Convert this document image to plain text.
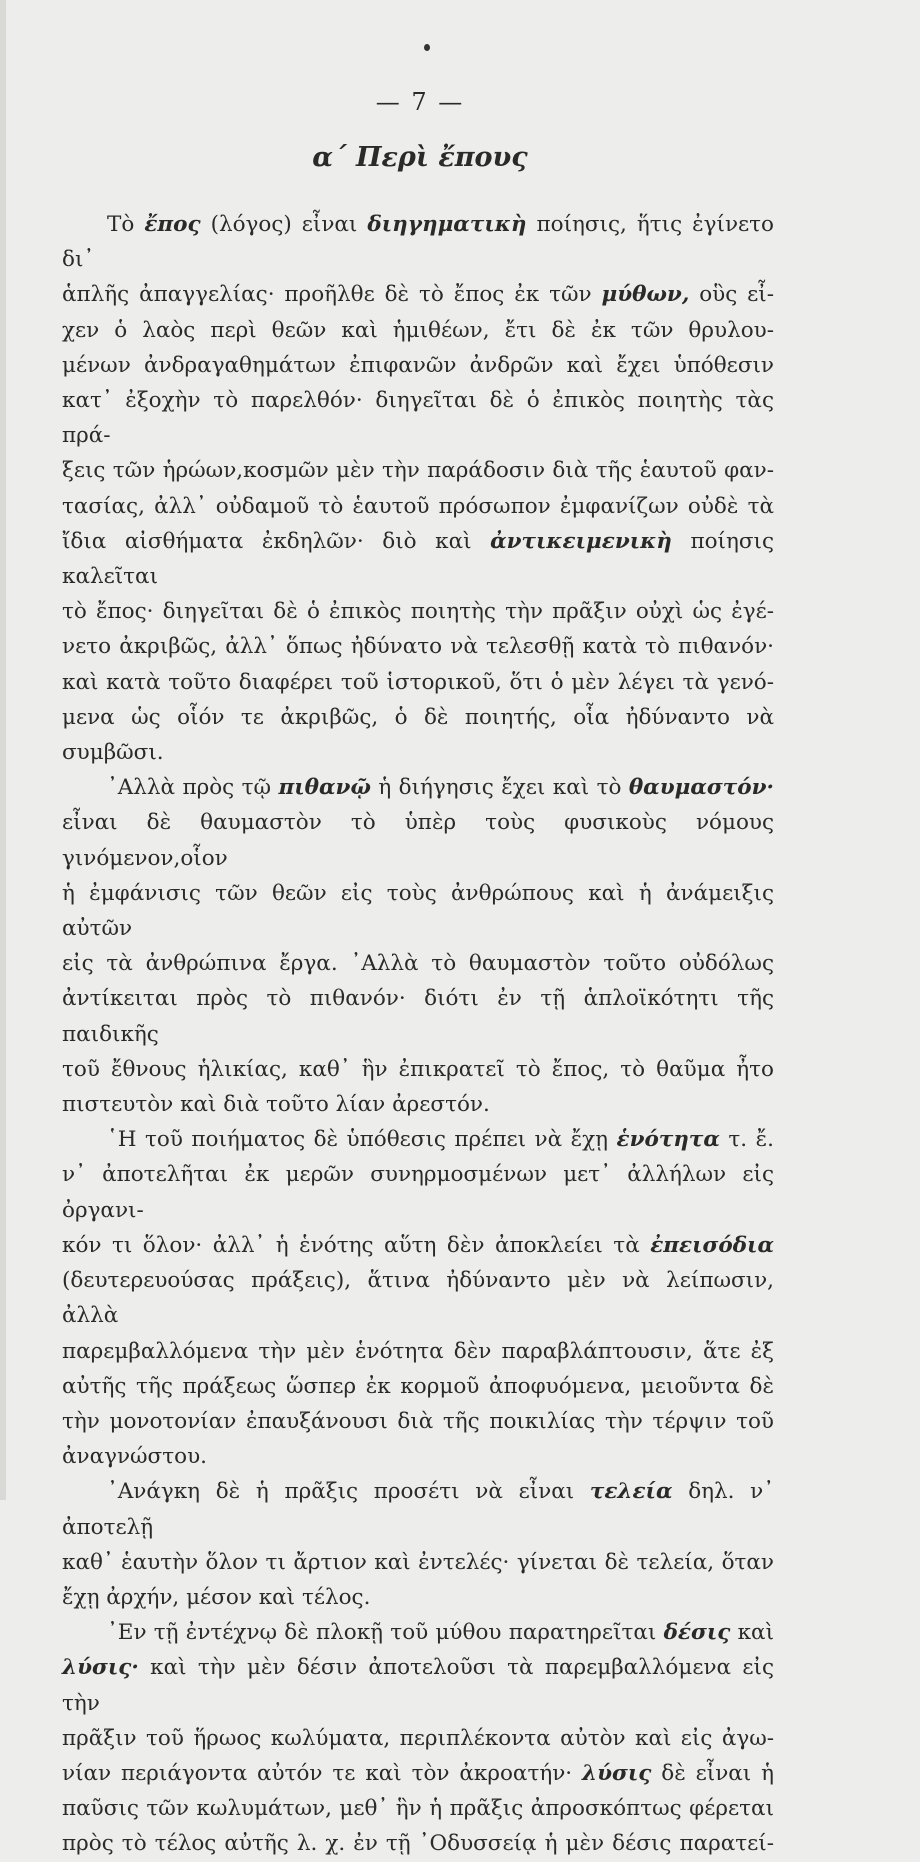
— 7 —
α΄ Περὶ ἔπους

Τὸ ἔπος (λόγος) εἶναι διηγηματικὴ ποίησις, ἥτις ἐγίνετο δι᾿

ἁπλῆς ἀπαγγελίας· προῆλθε δὲ τὸ ἔπος ἐκ τῶν μύθων, οὓς εἶ-

χεν ὁ λαὸς περὶ θεῶν καὶ ἡμιθέων, ἔτι δὲ ἐκ τῶν θρυλου-

μένων ἀνδραγαθημάτων ἐπιφανῶν ἀνδρῶν καὶ ἔχει ὑπόθεσιν

κατ᾿ ἐξοχὴν τὸ παρελθόν· διηγεῖται δὲ ὁ ἐπικὸς ποιητὴς τὰς πρά-

ξεις τῶν ἡρώων,κοσμῶν μὲν τὴν παράδοσιν διὰ τῆς ἑαυτοῦ φαν-

τασίας, ἀλλ᾿ οὐδαμοῦ τὸ ἑαυτοῦ πρόσωπον ἐμφανίζων οὐδὲ τὰ

ἴδια αἰσθήματα ἐκδηλῶν· διὸ καὶ ἀντικειμενικὴ ποίησις καλεῖται

τὸ ἔπος· διηγεῖται δὲ ὁ ἐπικὸς ποιητὴς τὴν πρᾶξιν οὐχὶ ὡς ἐγέ-

νετο ἀκριβῶς, ἀλλ᾿ ὅπως ἠδύνατο νὰ τελεσθῇ κατὰ τὸ πιθανόν·

καὶ κατὰ τοῦτο διαφέρει τοῦ ἱστορικοῦ, ὅτι ὁ μὲν λέγει τὰ γενό-

μενα ὡς οἷόν τε ἀκριβῶς, ὁ δὲ ποιητής, οἷα ἠδύναντο νὰ συμβῶσι.

᾿Αλλὰ πρὸς τῷ πιθανῷ ἡ διήγησις ἔχει καὶ τὸ θαυμαστόν·

εἶναι δὲ θαυμαστὸν τὸ ὑπὲρ τοὺς φυσικοὺς νόμους γινόμενον,οἷον

ἡ ἐμφάνισις τῶν θεῶν εἰς τοὺς ἀνθρώπους καὶ ἡ ἀνάμειξις αὐτῶν

εἰς τὰ ἀνθρώπινα ἔργα. ᾿Αλλὰ τὸ θαυμαστὸν τοῦτο οὐδόλως

ἀντίκειται πρὸς τὸ πιθανόν· διότι ἐν τῇ ἁπλοϊκότητι τῆς παιδικῆς

τοῦ ἔθνους ἡλικίας, καθ᾿ ἣν ἐπικρατεῖ τὸ ἔπος, τὸ θαῦμα ἦτο

πιστευτὸν καὶ διὰ τοῦτο λίαν ἀρεστόν.

῾Η τοῦ ποιήματος δὲ ὑπόθεσις πρέπει νὰ ἔχῃ ἑνότητα τ. ἔ.

ν᾿ ἀποτελῆται ἐκ μερῶν συνηρμοσμένων μετ᾿ ἀλλήλων εἰς ὀργανι-

κόν τι ὅλον· ἀλλ᾿ ἡ ἑνότης αὕτη δὲν ἀποκλείει τὰ ἐπεισόδια

(δευτερευούσας πράξεις), ἅτινα ἠδύναντο μὲν νὰ λείπωσιν, ἀλλὰ

παρεμβαλλόμενα τὴν μὲν ἑνότητα δὲν παραβλάπτουσιν, ἅτε ἐξ

αὐτῆς τῆς πράξεως ὥσπερ ἐκ κορμοῦ ἀποφυόμενα, μειοῦντα δὲ

τὴν μονοτονίαν ἐπαυξάνουσι διὰ τῆς ποικιλίας τὴν τέρψιν τοῦ

ἀναγνώστου.

᾿Ανάγκη δὲ ἡ πρᾶξις προσέτι νὰ εἶναι τελεία δηλ. ν᾿ ἀποτελῇ

καθ᾿ ἑαυτὴν ὅλον τι ἄρτιον καὶ ἐντελές· γίνεται δὲ τελεία, ὅταν

ἔχῃ ἀρχήν, μέσον καὶ τέλος.

᾿Εν τῇ ἐντέχνῳ δὲ πλοκῇ τοῦ μύθου παρατηρεῖται δέσις καὶ

λύσις· καὶ τὴν μὲν δέσιν ἀποτελοῦσι τὰ παρεμβαλλόμενα εἰς τὴν

πρᾶξιν τοῦ ἥρωος κωλύματα, περιπλέκοντα αὐτὸν καὶ εἰς ἀγω-

νίαν περιάγοντα αὐτόν τε καὶ τὸν ἀκροατήν· λύσις δὲ εἶναι ἡ

παῦσις τῶν κωλυμάτων, μεθ᾿ ἣν ἡ πρᾶξις ἀπροσκόπτως φέρεται

πρὸς τὸ τέλος αὐτῆς λ. χ. ἐν τῇ ᾿Οδυσσείᾳ ἡ μὲν δέσις παρατεί-
